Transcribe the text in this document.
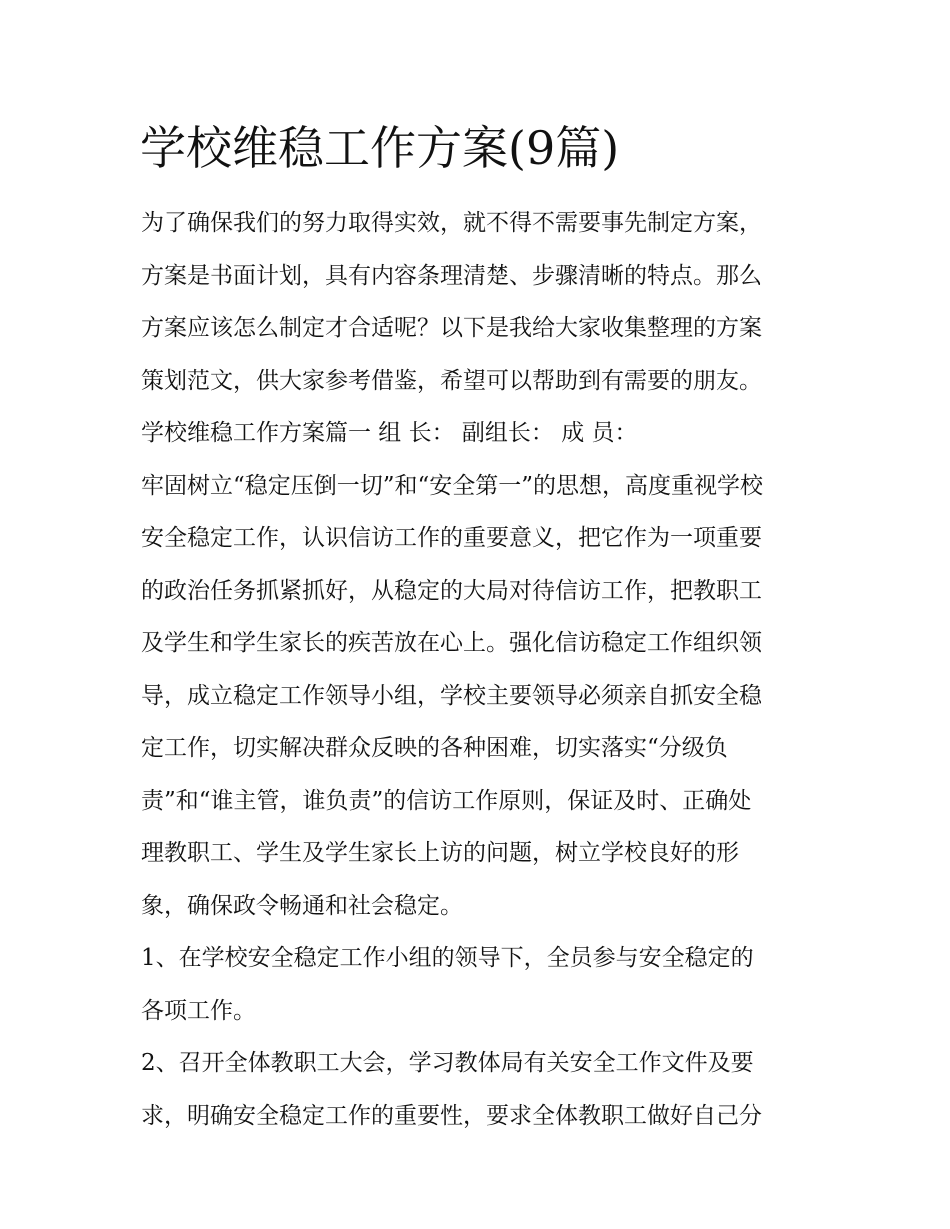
学校维稳工作方案(9篇)
为了确保我们的努力取得实效，就不得不需要事先制定方案，
方案是书面计划，具有内容条理清楚、步骤清晰的特点。那么
方案应该怎么制定才合适呢？以下是我给大家收集整理的方案
策划范文，供大家参考借鉴，希望可以帮助到有需要的朋友。
学校维稳工作方案篇一 组 长： 副组长： 成 员：
牢固树立“稳定压倒一切”和“安全第一”的思想，高度重视学校
安全稳定工作，认识信访工作的重要意义，把它作为一项重要
的政治任务抓紧抓好，从稳定的大局对待信访工作，把教职工
及学生和学生家长的疾苦放在心上。强化信访稳定工作组织领
导，成立稳定工作领导小组，学校主要领导必须亲自抓安全稳
定工作，切实解决群众反映的各种困难，切实落实“分级负
责”和“谁主管，谁负责”的信访工作原则，保证及时、正确处
理教职工、学生及学生家长上访的问题，树立学校良好的形
象，确保政令畅通和社会稳定。
1、在学校安全稳定工作小组的领导下，全员参与安全稳定的
各项工作。
2、召开全体教职工大会，学习教体局有关安全工作文件及要
求，明确安全稳定工作的重要性，要求全体教职工做好自己分
